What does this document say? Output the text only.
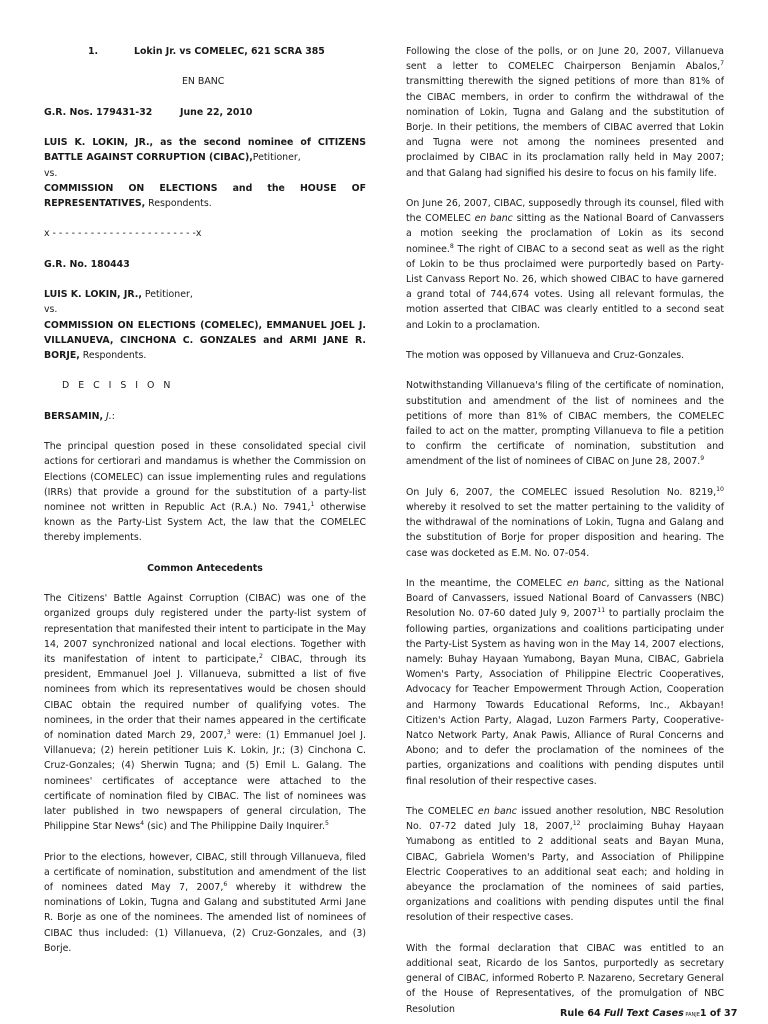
1.	Lokin Jr. vs COMELEC, 621 SCRA 385

EN BANC

G.R. Nos. 179431-32	June 22, 2010

LUIS K. LOKIN, JR., as the second nominee of CITIZENS BATTLE AGAINST CORRUPTION (CIBAC),Petitioner,

vs.

COMMISSION ON ELECTIONS and the HOUSE OF REPRESENTATIVES, Respondents.

x - - - - - - - - - - - - - - - - - - - - - - -x

G.R. No. 180443

LUIS K. LOKIN, JR., Petitioner,

vs.

COMMISSION ON ELECTIONS (COMELEC), EMMANUEL JOEL J. VILLANUEVA, CINCHONA C. GONZALES and ARMI JANE R. BORJE, Respondents.

D E C I S I O N

BERSAMIN, J.:

The principal question posed in these consolidated special civil actions for certiorari and mandamus is whether the Commission on Elections (COMELEC) can issue implementing rules and regulations (IRRs) that provide a ground for the substitution of a party-list nominee not written in Republic Act (R.A.) No. 7941,$^1$ otherwise known as the Party-List System Act, the law that the COMELEC thereby implements.

Common Antecedents

The Citizens' Battle Against Corruption (CIBAC) was one of the organized groups duly registered under the party-list system of representation that manifested their intent to participate in the May 14, 2007 synchronized national and local elections. Together with its manifestation of intent to participate,$^2$ CIBAC, through its president, Emmanuel Joel J. Villanueva, submitted a list of five nominees from which its representatives would be chosen should CIBAC obtain the required number of qualifying votes. The nominees, in the order that their names appeared in the certificate of nomination dated March 29, 2007,$^3$ were: (1) Emmanuel Joel J. Villanueva; (2) herein petitioner Luis K. Lokin, Jr.; (3) Cinchona C. Cruz-Gonzales; (4) Sherwin Tugna; and (5) Emil L. Galang. The nominees' certificates of acceptance were attached to the certificate of nomination filed by CIBAC. The list of nominees was later published in two newspapers of general circulation, The Philippine Star News$^4$ (sic) and The Philippine Daily Inquirer.$^5$

Prior to the elections, however, CIBAC, still through Villanueva, filed a certificate of nomination, substitution and amendment of the list of nominees dated May 7, 2007,$^6$ whereby it withdrew the nominations of Lokin, Tugna and Galang and substituted Armi Jane R. Borje as one of the nominees. The amended list of nominees of CIBAC thus included: (1) Villanueva, (2) Cruz-Gonzales, and (3) Borje.

Following the close of the polls, or on June 20, 2007, Villanueva sent a letter to COMELEC Chairperson Benjamin Abalos,$^7$ transmitting therewith the signed petitions of more than 81% of the CIBAC members, in order to confirm the withdrawal of the nomination of Lokin, Tugna and Galang and the substitution of Borje. In their petitions, the members of CIBAC averred that Lokin and Tugna were not among the nominees presented and proclaimed by CIBAC in its proclamation rally held in May 2007; and that Galang had signified his desire to focus on his family life.

On June 26, 2007, CIBAC, supposedly through its counsel, filed with the COMELEC en banc sitting as the National Board of Canvassers a motion seeking the proclamation of Lokin as its second nominee.$^8$ The right of CIBAC to a second seat as well as the right of Lokin to be thus proclaimed were purportedly based on Party-List Canvass Report No. 26, which showed CIBAC to have garnered a grand total of 744,674 votes. Using all relevant formulas, the motion asserted that CIBAC was clearly entitled to a second seat and Lokin to a proclamation.

The motion was opposed by Villanueva and Cruz-Gonzales.

Notwithstanding Villanueva's filing of the certificate of nomination, substitution and amendment of the list of nominees and the petitions of more than 81% of CIBAC members, the COMELEC failed to act on the matter, prompting Villanueva to file a petition to confirm the certificate of nomination, substitution and amendment of the list of nominees of CIBAC on June 28, 2007.$^9$

On July 6, 2007, the COMELEC issued Resolution No. 8219,10 whereby it resolved to set the matter pertaining to the validity of the withdrawal of the nominations of Lokin, Tugna and Galang and the substitution of Borje for proper disposition and hearing. The case was docketed as E.M. No. 07-054.

In the meantime, the COMELEC en banc, sitting as the National Board of Canvassers, issued National Board of Canvassers (NBC) Resolution No. 07-60 dated July 9, 2007$^{11}$ to partially proclaim the following parties, organizations and coalitions participating under the Party-List System as having won in the May 14, 2007 elections, namely: Buhay Hayaan Yumabong, Bayan Muna, CIBAC, Gabriela Women's Party, Association of Philippine Electric Cooperatives, Advocacy for Teacher Empowerment Through Action, Cooperation and Harmony Towards Educational Reforms, Inc., Akbayan! Citizen's Action Party, Alagad, Luzon Farmers Party, Cooperative-Natco Network Party, Anak Pawis, Alliance of Rural Concerns and Abono; and to defer the proclamation of the nominees of the parties, organizations and coalitions with pending disputes until final resolution of their respective cases.

The COMELEC en banc issued another resolution, NBC Resolution No. 07-72 dated July 18, 2007,12 proclaiming Buhay Hayaan Yumabong as entitled to 2 additional seats and Bayan Muna, CIBAC, Gabriela Women's Party, and Association of Philippine Electric Cooperatives to an additional seat each; and holding in abeyance the proclamation of the nominees of said parties, organizations and coalitions with pending disputes until the final resolution of their respective cases.

With the formal declaration that CIBAC was entitled to an additional seat, Ricardo de los Santos, purportedly as secretary general of CIBAC, informed Roberto P. Nazareno, Secretary General of the House of Representatives, of the promulgation of NBC Resolution	Rule 64 Full Text Cases PANJE1 of 37
